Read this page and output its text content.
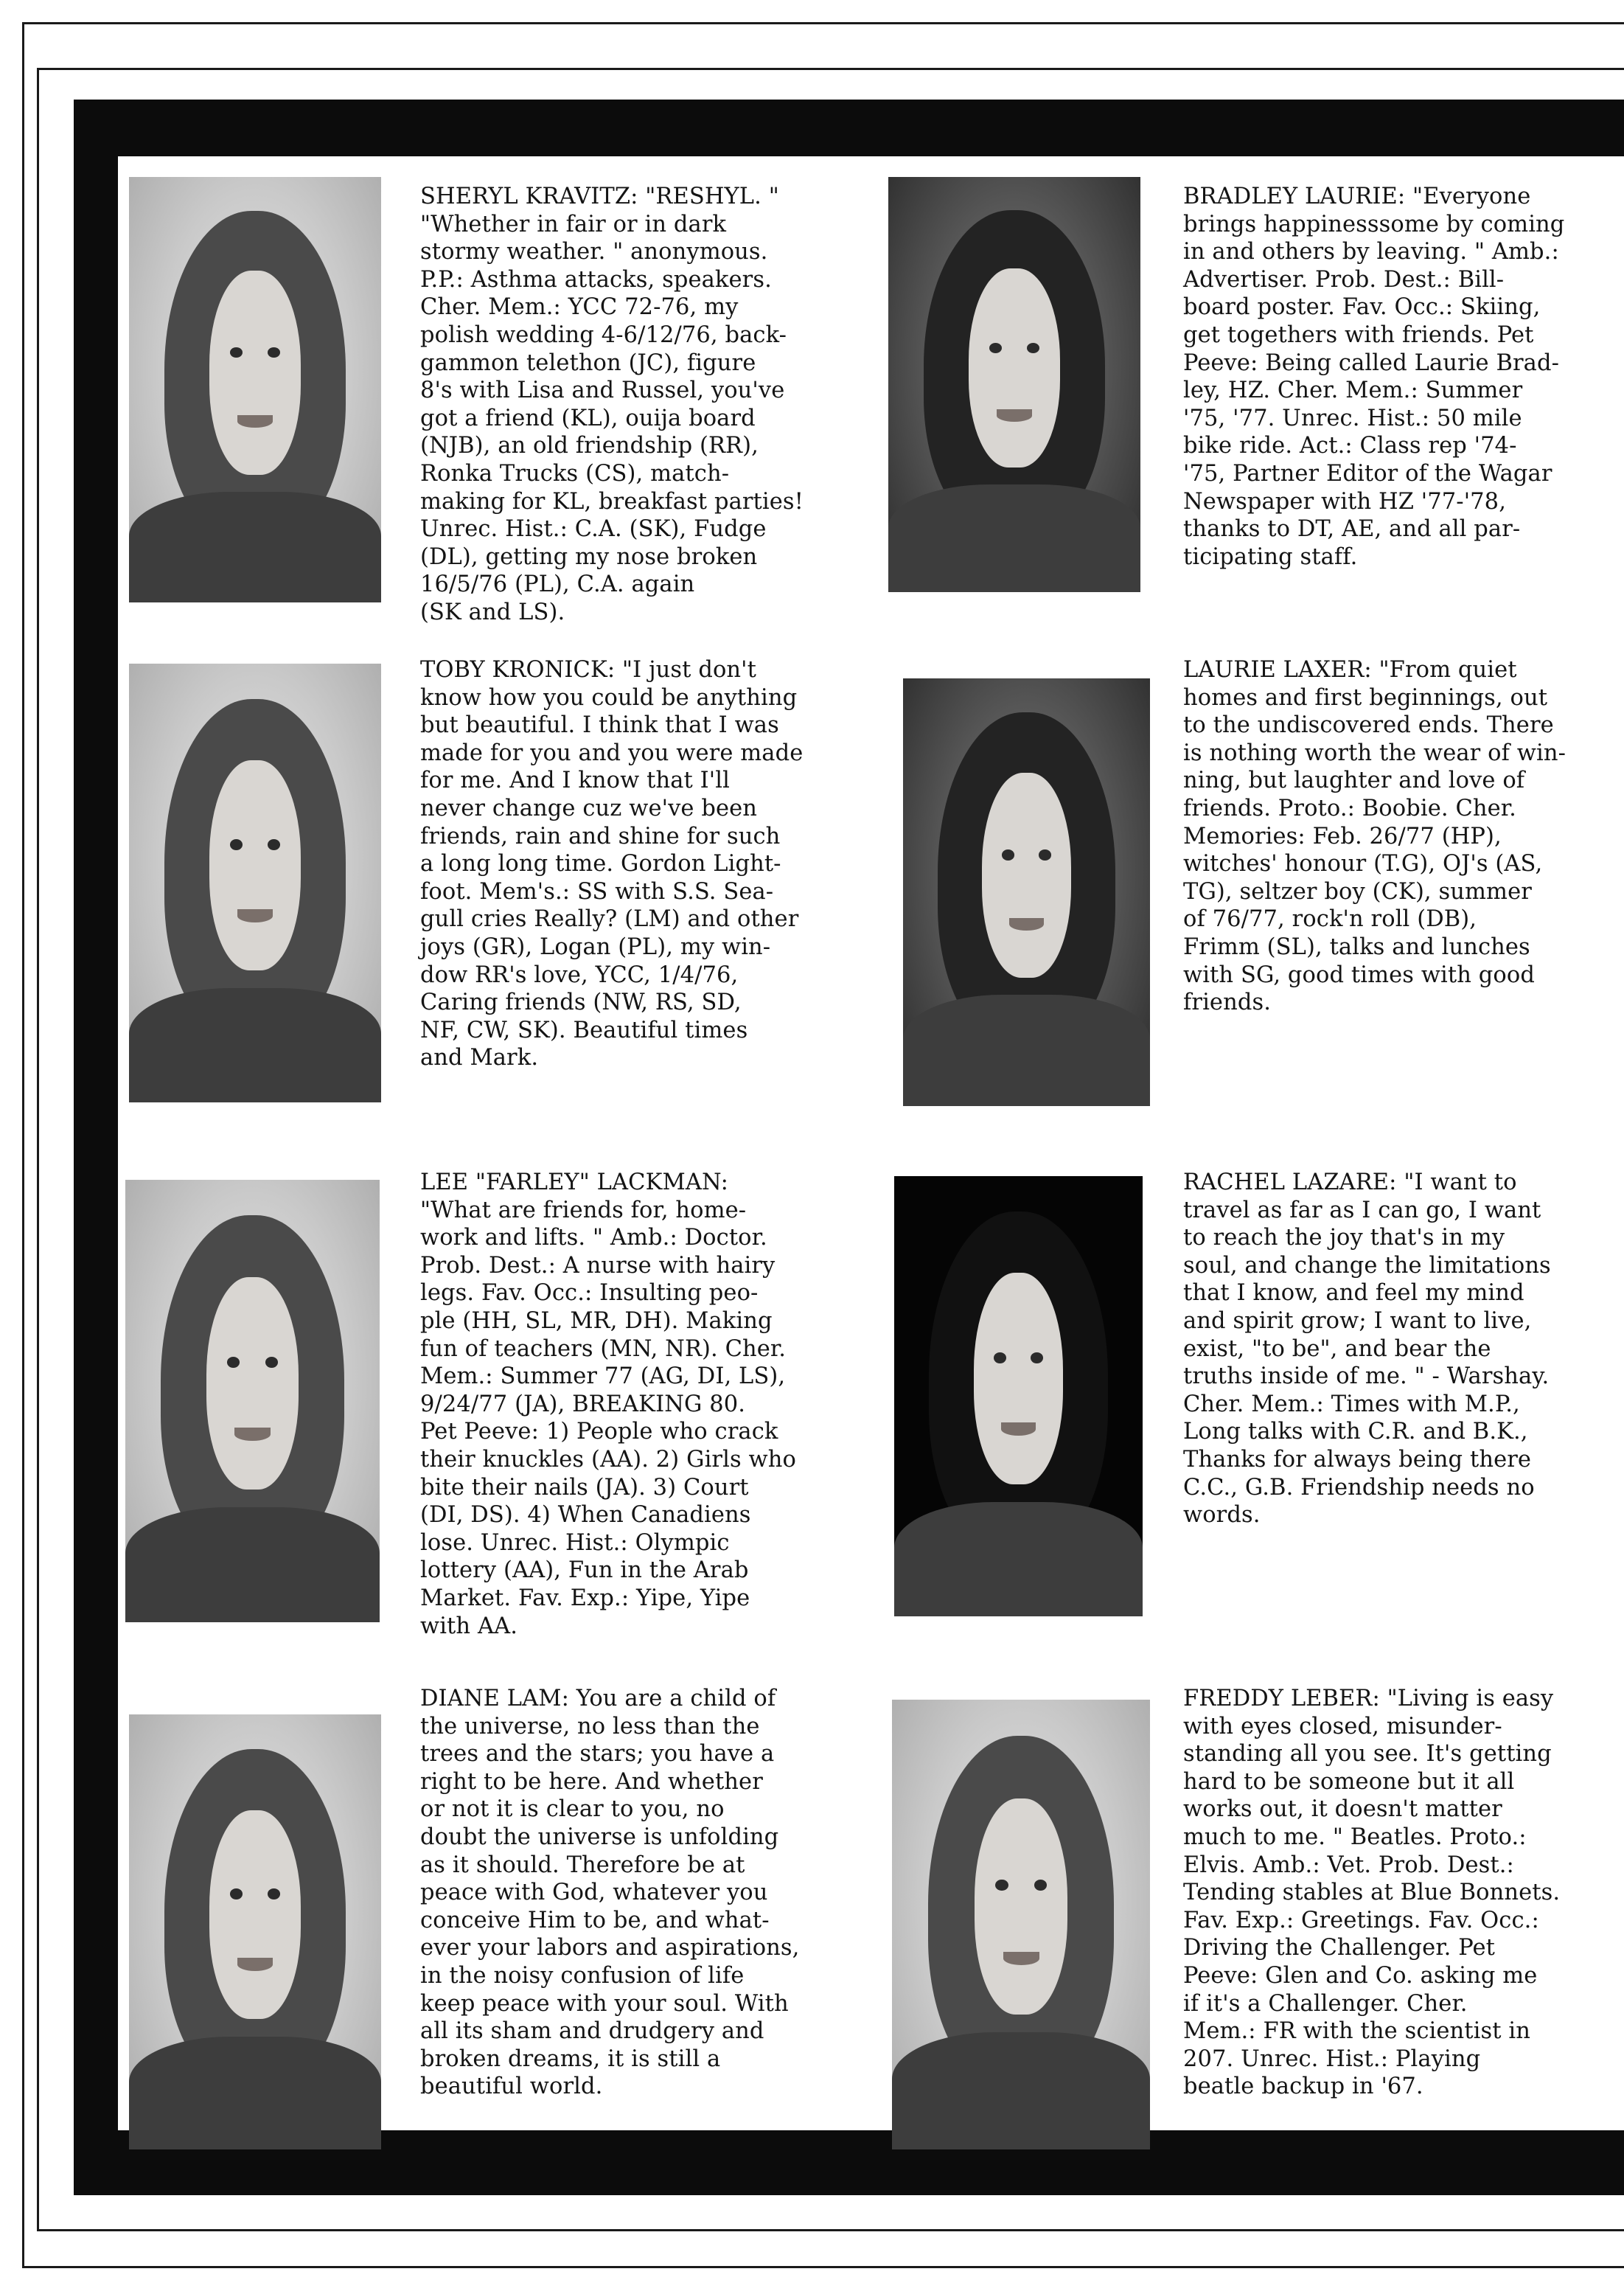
SHERYL KRAVITZ: "RESHYL. "
"Whether in fair or in dark
stormy weather. " anonymous.
P.P.: Asthma attacks, speakers.
Cher. Mem.: YCC 72-76, my
polish wedding 4-6/12/76, back-
gammon telethon (JC), figure
8's with Lisa and Russel, you've
got a friend (KL), ouija board
(NJB), an old friendship (RR),
Ronka Trucks (CS), match-
making for KL, breakfast parties!
Unrec. Hist.: C.A. (SK), Fudge
(DL), getting my nose broken
16/5/76 (PL), C.A. again
(SK and LS).

BRADLEY LAURIE: "Everyone
brings happinesssome by coming
in and others by leaving. " Amb.:
Advertiser. Prob. Dest.: Bill-
board poster. Fav. Occ.: Skiing,
get togethers with friends. Pet
Peeve: Being called Laurie Brad-
ley, HZ. Cher. Mem.: Summer
'75, '77. Unrec. Hist.: 50 mile
bike ride. Act.: Class rep '74-
'75, Partner Editor of the Wagar
Newspaper with HZ '77-'78,
thanks to DT, AE, and all par-
ticipating staff.

TOBY KRONICK: "I just don't
know how you could be anything
but beautiful. I think that I was
made for you and you were made
for me. And I know that I'll
never change cuz we've been
friends, rain and shine for such
a long long time. Gordon Light-
foot. Mem's.: SS with S.S. Sea-
gull cries Really? (LM) and other
joys (GR), Logan (PL), my win-
dow RR's love, YCC, 1/4/76,
Caring friends (NW, RS, SD,
NF, CW, SK). Beautiful times
and Mark.

LAURIE LAXER: "From quiet
homes and first beginnings, out
to the undiscovered ends. There
is nothing worth the wear of win-
ning, but laughter and love of
friends. Proto.: Boobie. Cher.
Memories: Feb. 26/77 (HP),
witches' honour (T.G), OJ's (AS,
TG), seltzer boy (CK), summer
of 76/77, rock'n roll (DB),
Frimm (SL), talks and lunches
with SG, good times with good
friends.

LEE "FARLEY" LACKMAN:
"What are friends for, home-
work and lifts. " Amb.: Doctor.
Prob. Dest.: A nurse with hairy
legs. Fav. Occ.: Insulting peo-
ple (HH, SL, MR, DH). Making
fun of teachers (MN, NR). Cher.
Mem.: Summer 77 (AG, DI, LS),
9/24/77 (JA), BREAKING 80.
Pet Peeve: 1) People who crack
their knuckles (AA). 2) Girls who
bite their nails (JA). 3) Court
(DI, DS). 4) When Canadiens
lose. Unrec. Hist.: Olympic
lottery (AA), Fun in the Arab
Market. Fav. Exp.: Yipe, Yipe
with AA.

RACHEL LAZARE: "I want to
travel as far as I can go, I want
to reach the joy that's in my
soul, and change the limitations
that I know, and feel my mind
and spirit grow; I want to live,
exist, "to be", and bear the
truths inside of me. " - Warshay.
Cher. Mem.: Times with M.P.,
Long talks with C.R. and B.K.,
Thanks for always being there
C.C., G.B. Friendship needs no
words.

DIANE LAM: You are a child of
the universe, no less than the
trees and the stars; you have a
right to be here. And whether
or not it is clear to you, no
doubt the universe is unfolding
as it should. Therefore be at
peace with God, whatever you
conceive Him to be, and what-
ever your labors and aspirations,
in the noisy confusion of life
keep peace with your soul. With
all its sham and drudgery and
broken dreams, it is still a
beautiful world.

FREDDY LEBER: "Living is easy
with eyes closed, misunder-
standing all you see. It's getting
hard to be someone but it all
works out, it doesn't matter
much to me. " Beatles. Proto.:
Elvis. Amb.: Vet. Prob. Dest.:
Tending stables at Blue Bonnets.
Fav. Exp.: Greetings. Fav. Occ.:
Driving the Challenger. Pet
Peeve: Glen and Co. asking me
if it's a Challenger. Cher.
Mem.: FR with the scientist in
207. Unrec. Hist.: Playing
beatle backup in '67.
